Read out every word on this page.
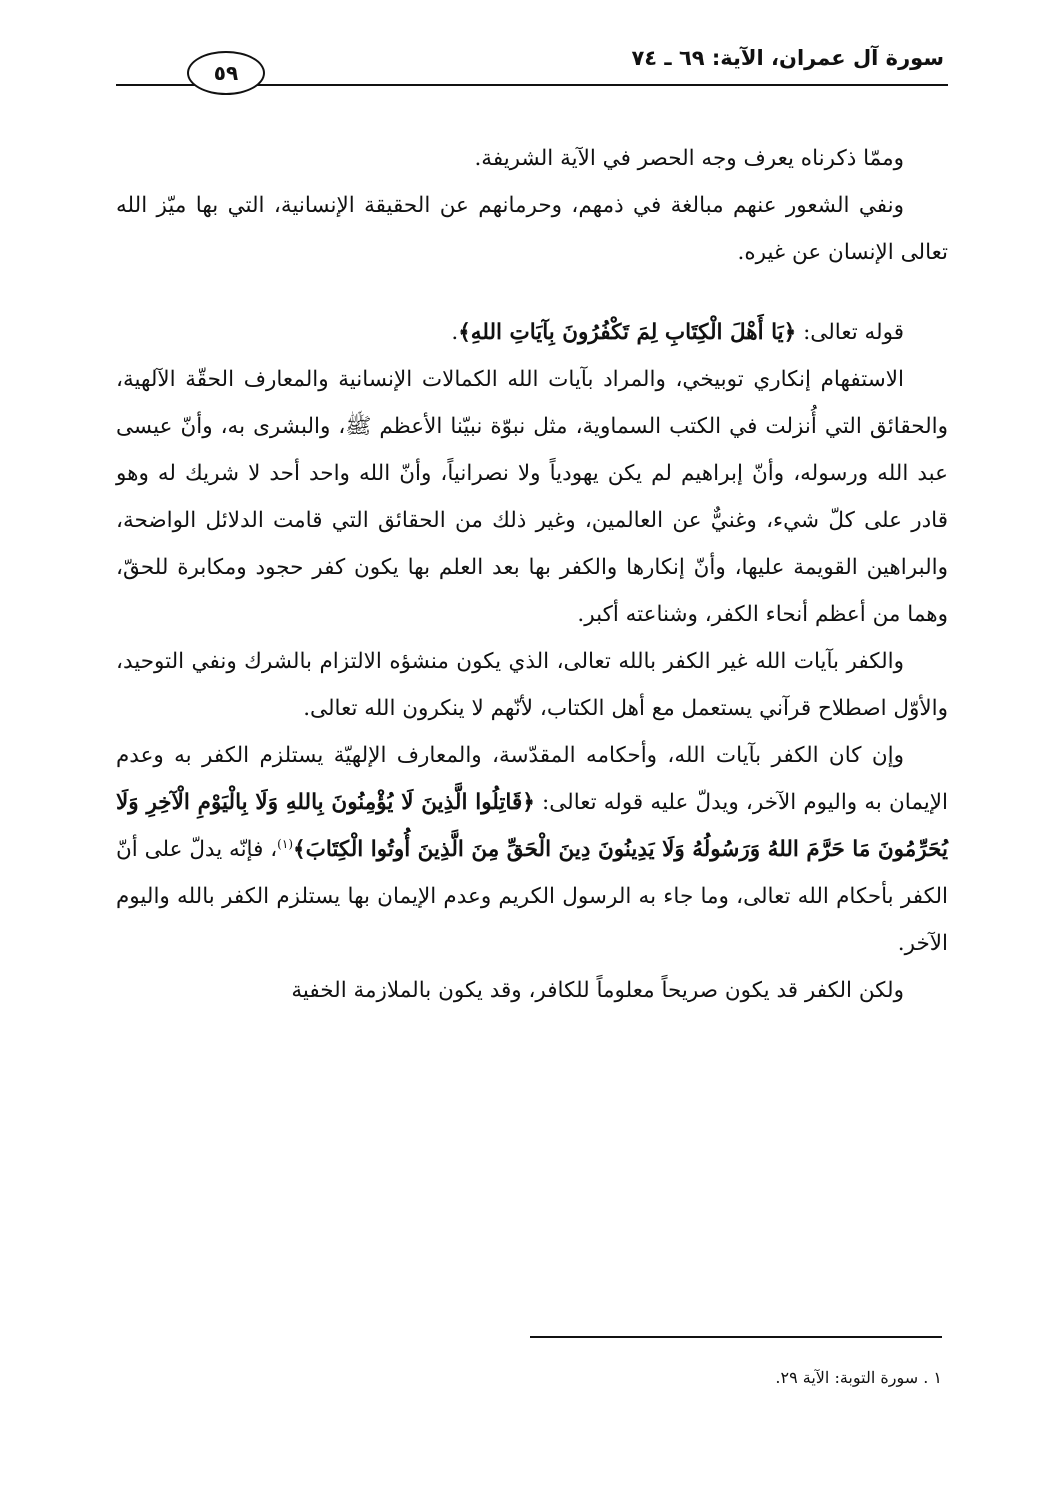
سورة آل عمران، الآية: ٦٩ ـ ٧٤
٥٩

وممّا ذكرناه يعرف وجه الحصر في الآية الشريفة.

ونفي الشعور عنهم مبالغة في ذمهم، وحرمانهم عن الحقيقة الإنسانية، التي بها ميّز الله تعالى الإنسان عن غيره.

قوله تعالى: ﴿يَا أَهْلَ الْكِتَابِ لِمَ تَكْفُرُونَ بِآيَاتِ اللهِ﴾.

الاستفهام إنكاري توبيخي، والمراد بآيات الله الكمالات الإنسانية والمعارف الحقّة الآلهية، والحقائق التي أُنزلت في الكتب السماوية، مثل نبوّة نبيّنا الأعظم ﷺ، والبشرى به، وأنّ عيسى عبد الله ورسوله، وأنّ إبراهيم لم يكن يهودياً ولا نصرانياً، وأنّ الله واحد أحد لا شريك له وهو قادر على كلّ شيء، وغنيٌّ عن العالمين، وغير ذلك من الحقائق التي قامت الدلائل الواضحة، والبراهين القويمة عليها، وأنّ إنكارها والكفر بها بعد العلم بها يكون كفر حجود ومكابرة للحقّ، وهما من أعظم أنحاء الكفر، وشناعته أكبر.

والكفر بآيات الله غير الكفر بالله تعالى، الذي يكون منشؤه الالتزام بالشرك ونفي التوحيد، والأوّل اصطلاح قرآني يستعمل مع أهل الكتاب، لأنّهم لا ينكرون الله تعالى.

وإن كان الكفر بآيات الله، وأحكامه المقدّسة، والمعارف الإلهيّة يستلزم الكفر به وعدم الإيمان به واليوم الآخر، ويدلّ عليه قوله تعالى: ﴿قَاتِلُوا الَّذِينَ لَا يُؤْمِنُونَ بِاللهِ وَلَا بِالْيَوْمِ الْآخِرِ وَلَا يُحَرِّمُونَ مَا حَرَّمَ اللهُ وَرَسُولُهُ وَلَا يَدِينُونَ دِينَ الْحَقِّ مِنَ الَّذِينَ أُوتُوا الْكِتَابَ﴾$^{(١)}$، فإنّه يدلّ على أنّ الكفر بأحكام الله تعالى، وما جاء به الرسول الكريم وعدم الإيمان بها يستلزم الكفر بالله واليوم الآخر.

ولكن الكفر قد يكون صريحاً معلوماً للكافر، وقد يكون بالملازمة الخفية

١ . سورة التوبة: الآية ٢٩.
